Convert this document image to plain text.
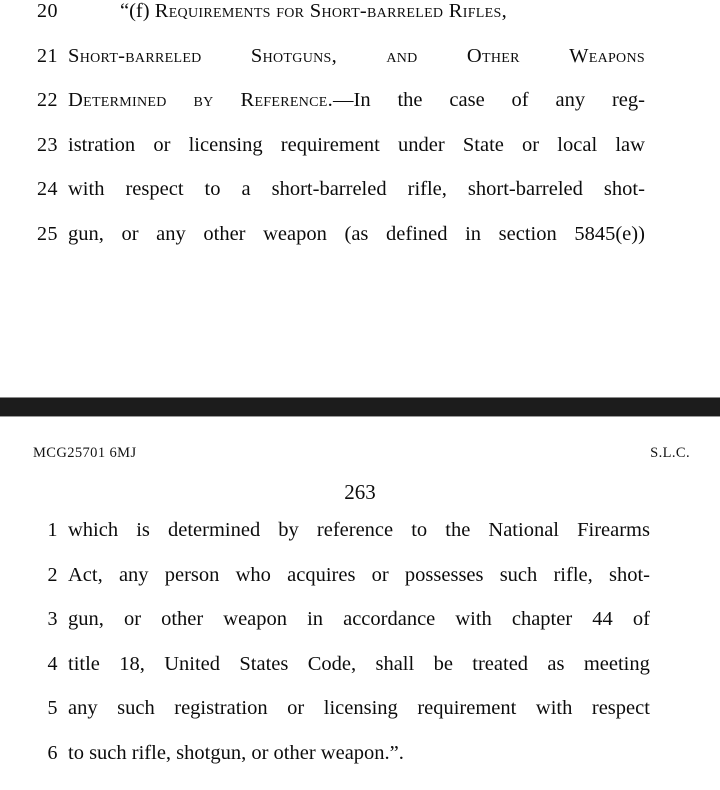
20	“(f) Requirements for Short-barreled Rifles,
21 Short-barreled Shotguns, and Other Weapons
22 Determined by Reference.—In the case of any reg-
23 istration or licensing requirement under State or local law
24 with respect to a short-barreled rifle, short-barreled shot-
25 gun, or any other weapon (as defined in section 5845(e))
MCG25701 6MJ	S.L.C.
263
1 which is determined by reference to the National Firearms
2 Act, any person who acquires or possesses such rifle, shot-
3 gun, or other weapon in accordance with chapter 44 of
4 title 18, United States Code, shall be treated as meeting
5 any such registration or licensing requirement with respect
6 to such rifle, shotgun, or other weapon.”.
